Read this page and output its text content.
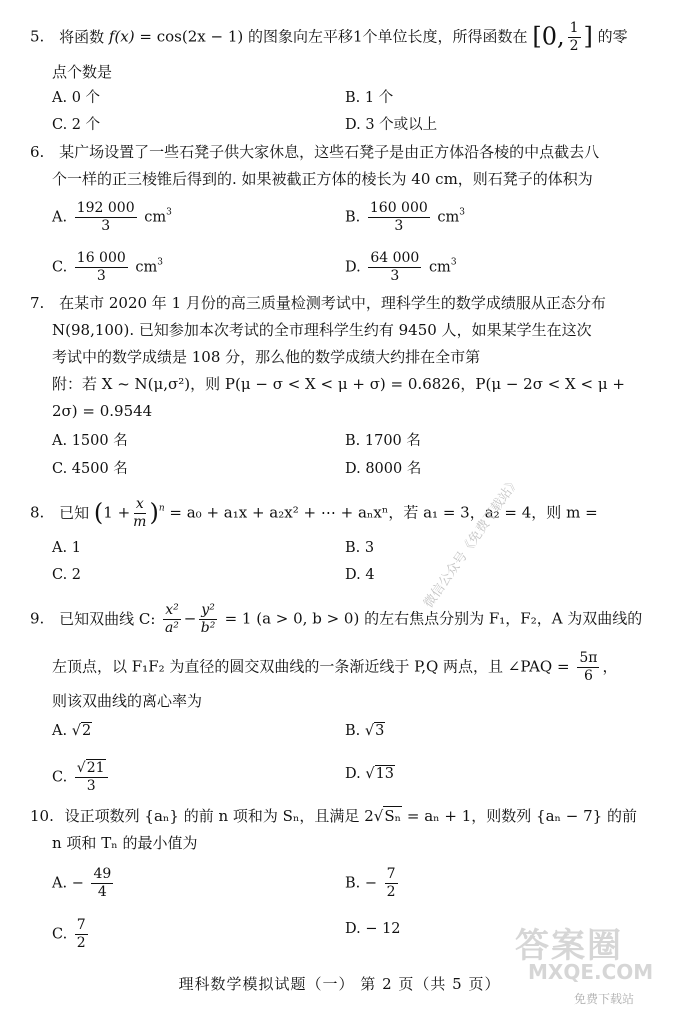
5. 将函数 f(x) = cos(2x − 1) 的图象向左平移1个单位长度，所得函数在 [0, $\frac{1}{2}$ ] 的零
点个数是
A. 0 个	B. 1 个
C. 2 个	D. 3 个或以上
6. 某广场设置了一些石凳子供大家休息，这些石凳子是由正方体沿各棱的中点截去八
个一样的正三棱锥后得到的. 如果被截正方体的棱长为 40 cm，则石凳子的体积为
A. $\frac{192 000}{3} cm^3$	B. $\frac{160 000}{3} cm^3$
C. $\frac{16 000}{3} cm^3$	D. $\frac{64 000}{3} cm^3$
7. 在某市 2020 年 1 月份的高三质量检测考试中，理科学生的数学成绩服从正态分布
N(98,100). 已知参加本次考试的全市理科学生约有 9450 人，如果某学生在这次
考试中的数学成绩是 108 分，那么他的数学成绩大约排在全市第
附：若 X ~ N(μ,σ²)，则 P(μ − σ < X < μ + σ) = 0.6826，P(μ − 2σ < X < μ +
2σ) = 0.9544
A. 1500 名	B. 1700 名
C. 4500 名	D. 8000 名
8. 已知 $(1 + \frac{x}{m} )^n = a_0 + a_1x + a_2x^2$ + ⋯ + aₙxⁿ，若 a₁ = 3，a₂ = 4，则 m =
A. 1	B. 3
C. 2	D. 4
9. 已知双曲线 C: $\frac{\text{x²}}{\text{a²}} - \frac{\text{y²}}{\text{b²}} = 1$ (a > 0, b > 0) 的左右焦点分别为 F₁，F₂，A 为双曲线的
左顶点，以 F₁F₂ 为直径的圆交双曲线的一条渐近线于 P,Q 两点，且 ∠PAQ = $\frac{5\pi}{6}$ ，
则该双曲线的离心率为
A. √2	B. √3
C. $\frac{√21}{3}$	D. √13
10. 设正项数列 {aₙ} 的前 n 项和为 Sₙ，且满足 2√Sₙ = aₙ + 1，则数列 {aₙ − 7} 的前
n 项和 Tₙ 的最小值为
A. − $\frac{49}{4}$	B. − $\frac{7}{2}$
C. $\frac{7}{2}$	D. − 12
理科数学模拟试题（一） 第 2 页（共 5 页）
微信公众号《免费下载站》
答案圈
MXQE.COM
免费下载站
